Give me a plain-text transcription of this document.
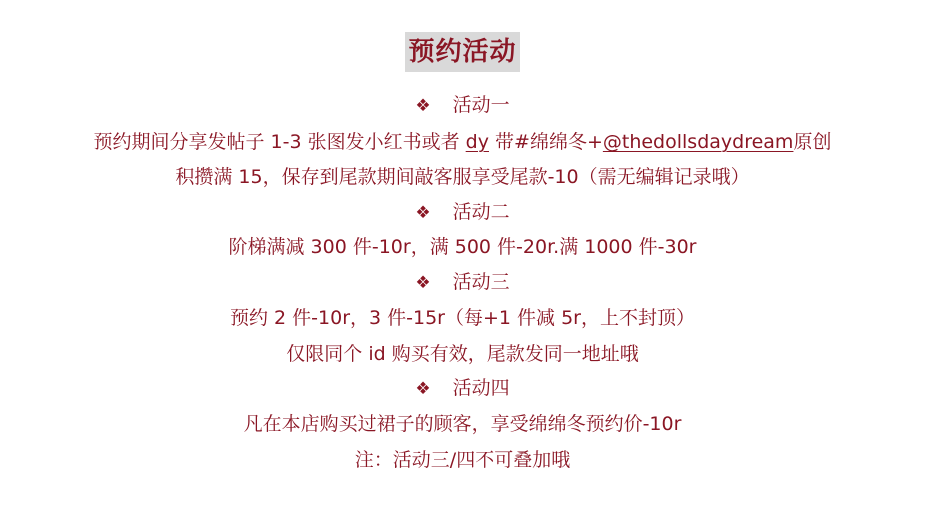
预约活动
❖ 活动一
预约期间分享发帖子 1-3 张图发小红书或者 dy 带#绵绵冬+@thedollsdaydream原创
积攒满 15，保存到尾款期间敲客服享受尾款-10（需无编辑记录哦）
❖ 活动二
阶梯满减 300 件-10r，满 500 件-20r.满 1000 件-30r
❖ 活动三
预约 2 件-10r，3 件-15r（每+1 件减 5r，上不封顶）
仅限同个 id 购买有效，尾款发同一地址哦
❖ 活动四
凡在本店购买过裙子的顾客，享受绵绵冬预约价-10r
注：活动三/四不可叠加哦
